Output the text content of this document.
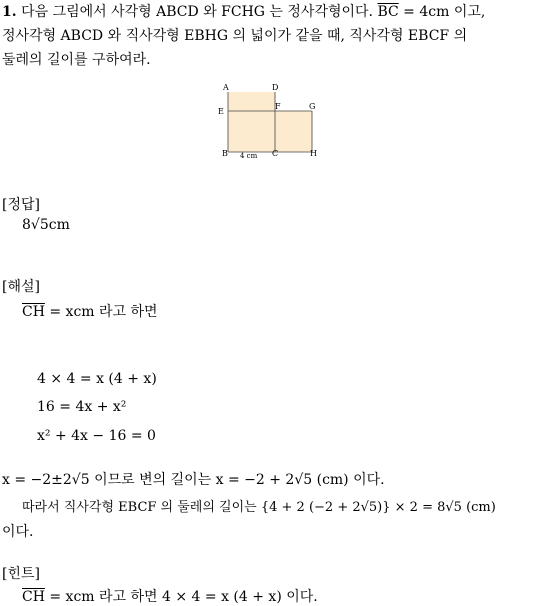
1. 다음 그림에서 사각형 ABCD 와 FCHG 는 정사각형이다. $\overline{BC} = 4cm$ 이고,
정사각형 ABCD 와 직사각형 EBHG 의 넓이가 같을 때, 직사각형 EBCF 의
둘레의 길이를 구하여라.
A	D
E
F	G
B	C	H
4 cm
[정답]
8√5cm
[해설]
$\overline{CH}$ = xcm 라고 하면
4 × 4 = x (4 + x)
16 = 4x + x²
x² + 4x − 16 = 0
x = −2±2√5 이므로 변의 길이는 x = −2 + 2√5 (cm) 이다.
따라서 직사각형 EBCF 의 둘레의 길이는 {4 + 2 (−2 + 2√5)} × 2 = 8√5 (cm)
이다.
[힌트]
$\overline{CH}$ = xcm 라고 하면 4 × 4 = x (4 + x) 이다.
